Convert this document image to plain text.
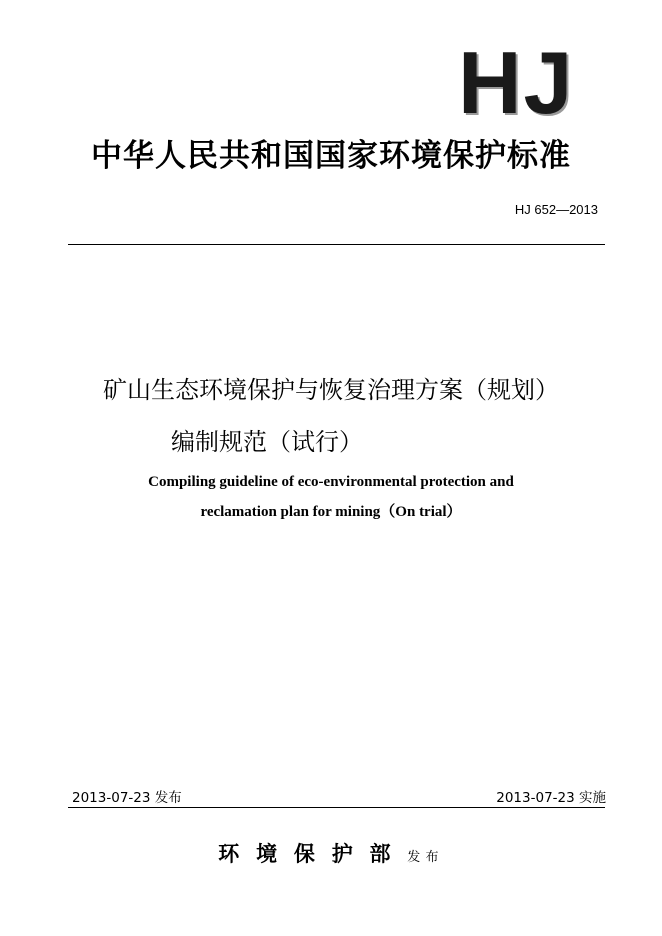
HJ
中华人民共和国国家环境保护标准
HJ 652—2013
矿山生态环境保护与恢复治理方案（规划）
编制规范（试行）
Compiling guideline of eco-environmental protection and
reclamation plan for mining（On trial）
2013-07-23 发布	2013-07-23 实施
环境保护部发布
